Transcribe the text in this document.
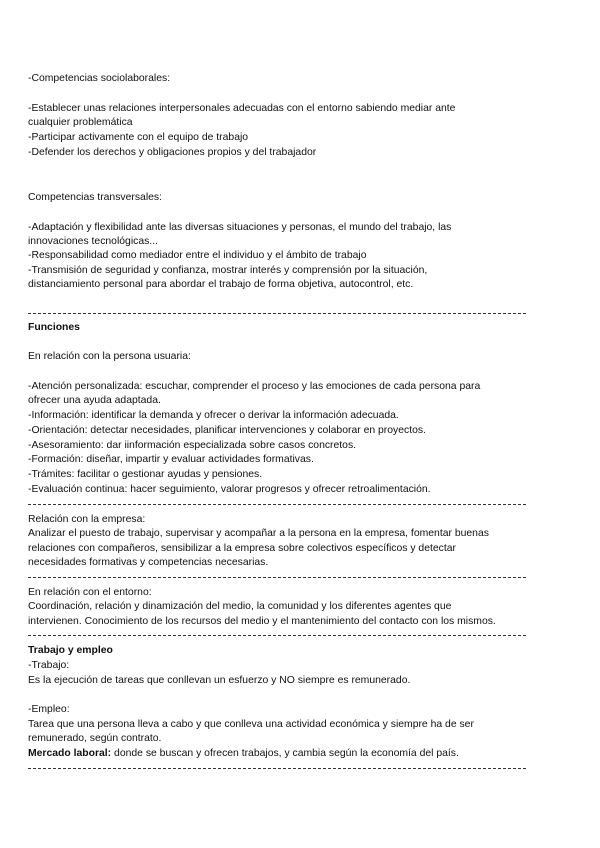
-Competencias sociolaborales:
-Establecer unas relaciones interpersonales adecuadas con el entorno sabiendo mediar ante
cualquier problemática
-Participar activamente con el equipo de trabajo
-Defender los derechos y obligaciones propios y del trabajador
Competencias transversales:
-Adaptación y flexibilidad ante las diversas situaciones y personas, el mundo del trabajo, las
innovaciones tecnológicas...
-Responsabilidad como mediador entre el individuo y el ámbito de trabajo
-Transmisión de seguridad y confianza, mostrar interés y comprensión por la situación,
distanciamiento personal para abordar el trabajo de forma objetiva, autocontrol, etc.
Funciones
En relación con la persona usuaria:
-Atención personalizada: escuchar, comprender el proceso y las emociones de cada persona para
ofrecer una ayuda adaptada.
-Información: identificar la demanda y ofrecer o derivar la información adecuada.
-Orientación: detectar necesidades, planificar intervenciones y colaborar en proyectos.
-Asesoramiento: dar iinformación especializada sobre casos concretos.
-Formación: diseñar, impartir y evaluar actividades formativas.
-Trámites: facilitar o gestionar ayudas y pensiones.
-Evaluación continua: hacer seguimiento, valorar progresos y ofrecer retroalimentación.
Relación con la empresa:
Analizar el puesto de trabajo, supervisar y acompañar a la persona en la empresa, fomentar buenas
relaciones con compañeros, sensibilizar a la empresa sobre colectivos específicos y detectar
necesidades formativas y competencias necesarias.
En relación con el entorno:
Coordinación, relación y dinamización del medio, la comunidad y los diferentes agentes que
intervienen. Conocimiento de los recursos del medio y el mantenimiento del contacto con los mismos.
Trabajo y empleo
-Trabajo:
Es la ejecución de tareas que conllevan un esfuerzo y NO siempre es remunerado.
-Empleo:
Tarea que una persona lleva a cabo y que conlleva una actividad económica y siempre ha de ser
remunerado, según contrato.
Mercado laboral: donde se buscan y ofrecen trabajos, y cambia según la economía del país.
